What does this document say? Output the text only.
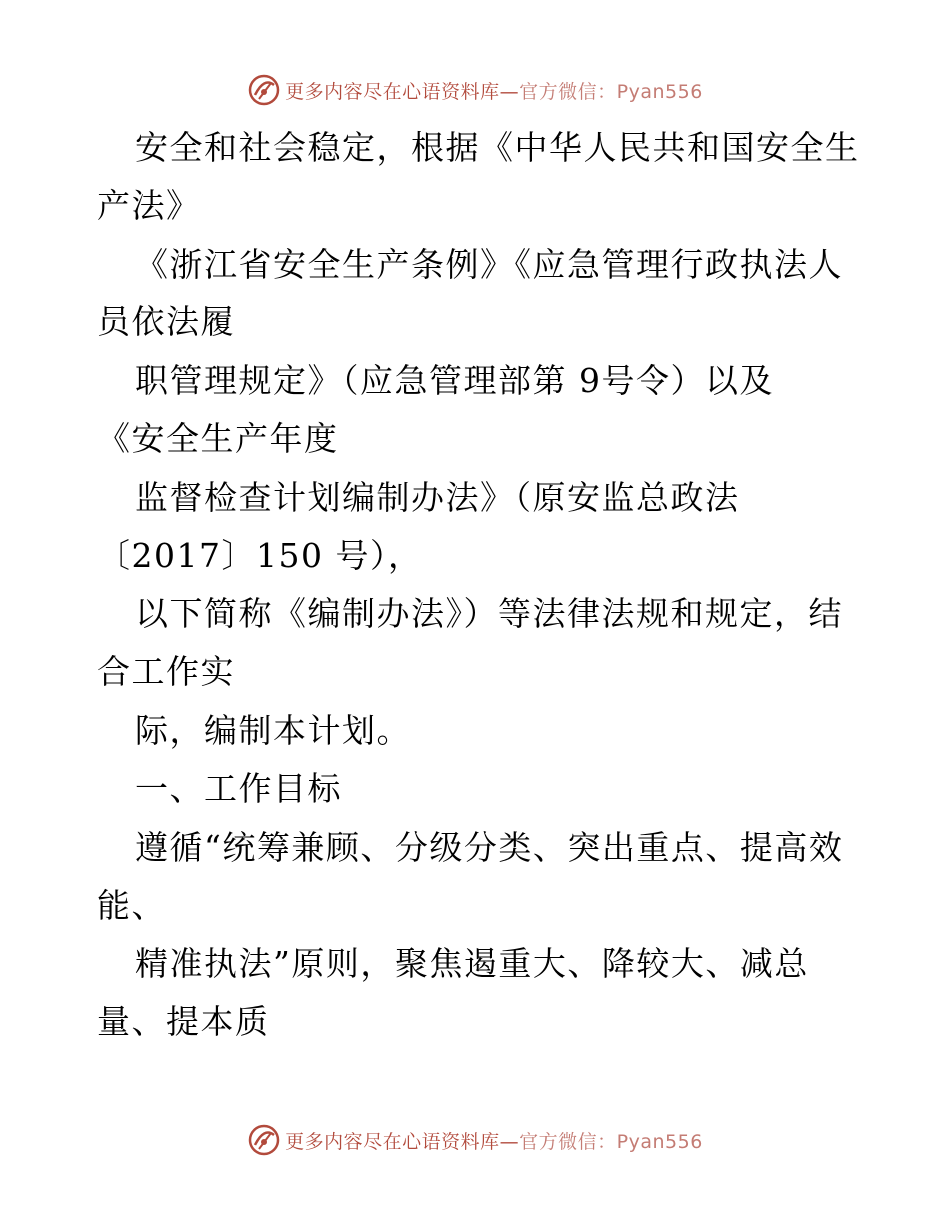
更多内容尽在心语资料库— 官方微信：Pyan556
安全和社会稳定，根据《中华人民共和国安全生
产法》
《浙江省安全生产条例》《应急管理行政执法人
员依法履
职管理规定》（应急管理部第 9号令）以及
《安全生产年度
监督检查计划编制办法》（原安监总政法
〔2017〕150 号），
以下简称《编制办法》）等法律法规和规定，结
合工作实
际，编制本计划。
一、工作目标
遵循“统筹兼顾、分级分类、突出重点、提高效
能、
精准执法”原则，聚焦遏重大、降较大、减总
量、提本质
更多内容尽在心语资料库— 官方微信：Pyan556
